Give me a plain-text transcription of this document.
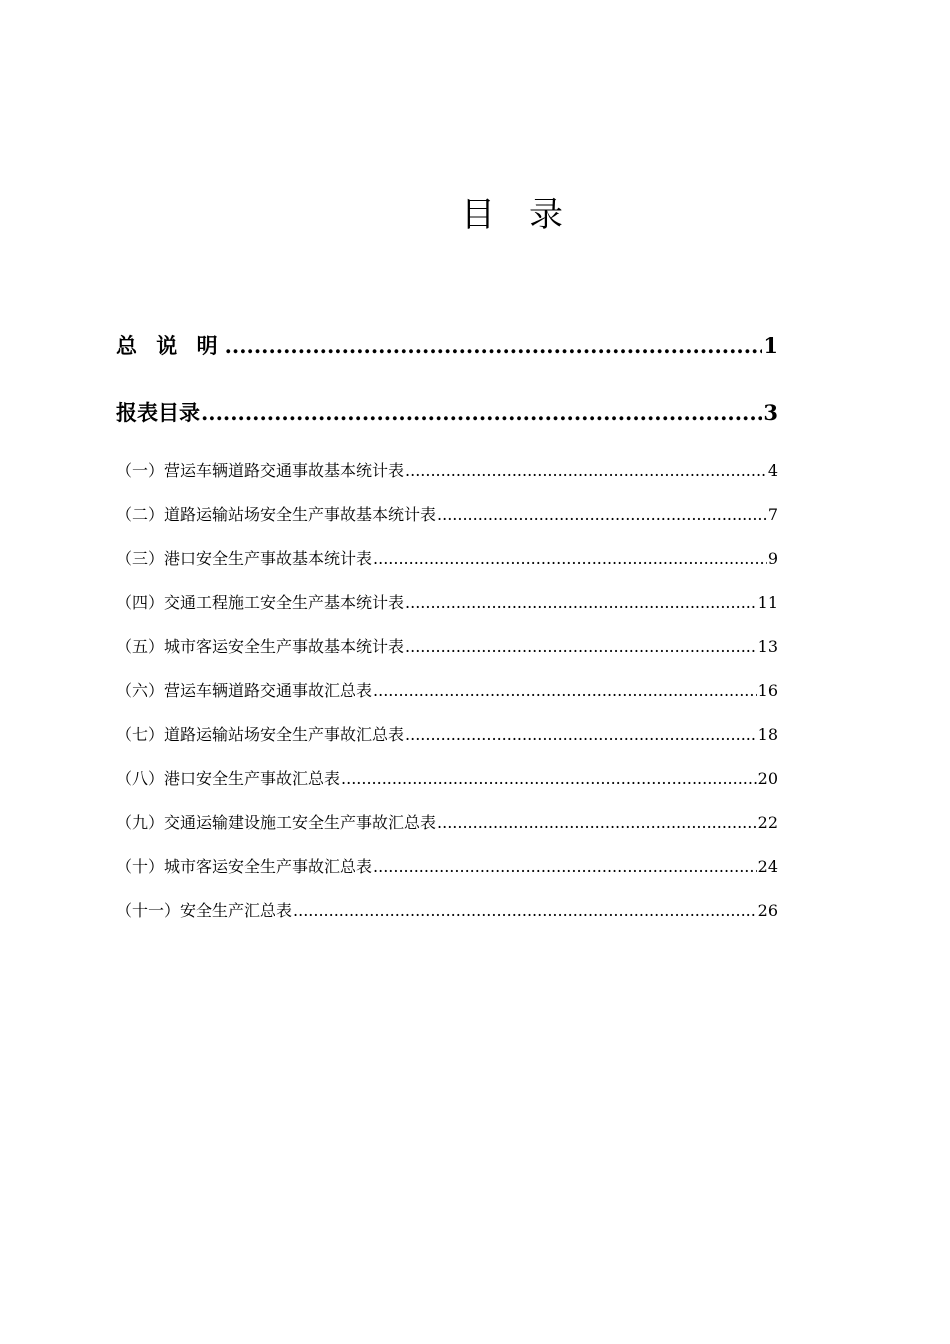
目 录
总 说 明 .....	1
报表目录 .....	3
（一）营运车辆道路交通事故基本统计表 .....	4
（二）道路运输站场安全生产事故基本统计表 .....	7
（三）港口安全生产事故基本统计表 .....	9
（四）交通工程施工安全生产基本统计表 .....	11
（五）城市客运安全生产事故基本统计表 .....	13
（六）营运车辆道路交通事故汇总表 .....	16
（七）道路运输站场安全生产事故汇总表 .....	18
（八）港口安全生产事故汇总表 .....	20
（九）交通运输建设施工安全生产事故汇总表 .....	22
（十）城市客运安全生产事故汇总表 .....	24
（十一）安全生产汇总表 .....	26
